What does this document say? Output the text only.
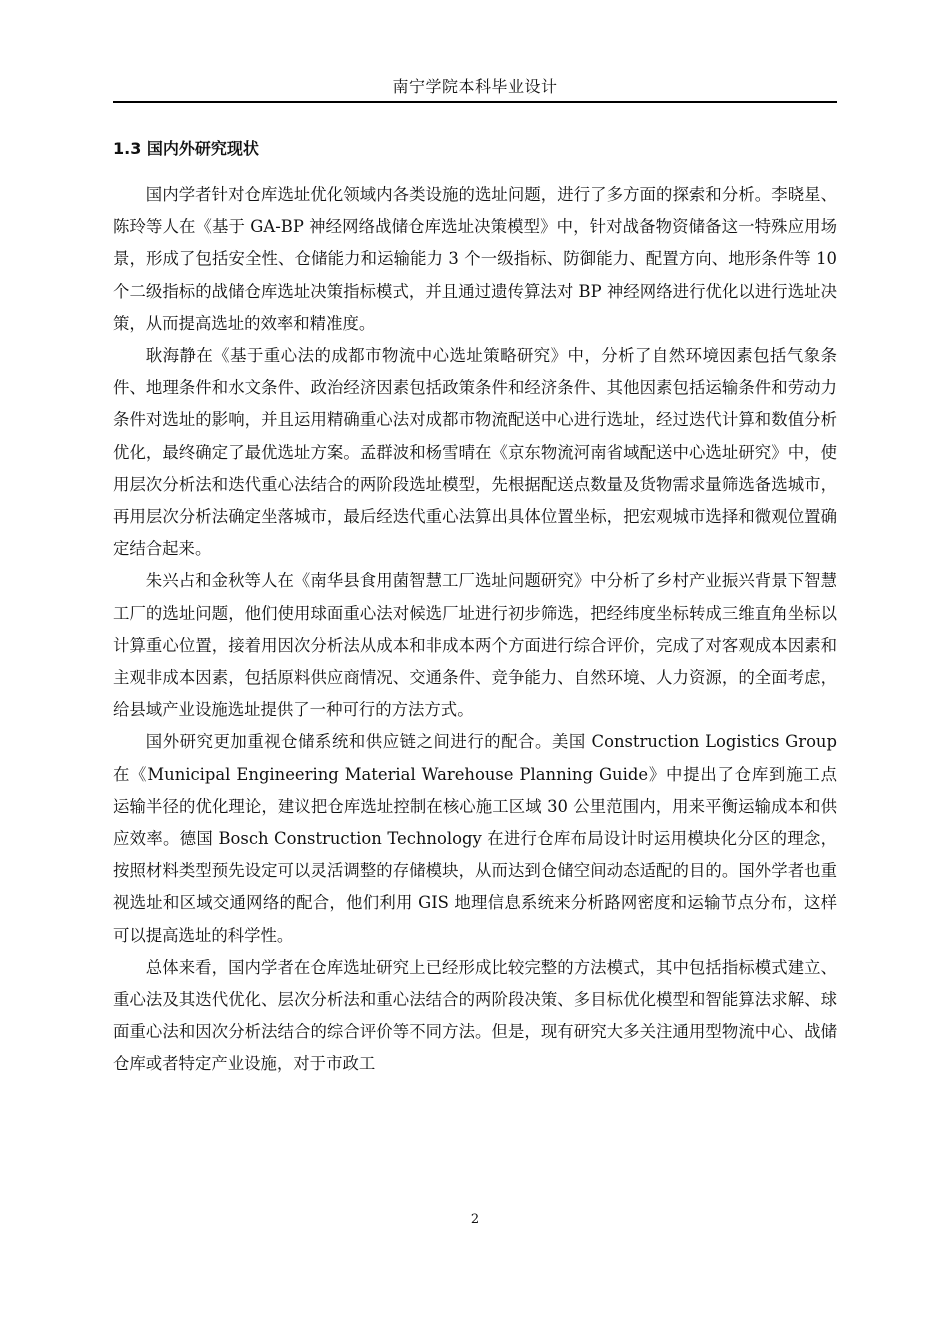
南宁学院本科毕业设计
1.3 国内外研究现状

国内学者针对仓库选址优化领域内各类设施的选址问题，进行了多方面的探索和分析。李晓星、陈玲等人在《基于 GA-BP 神经网络战储仓库选址决策模型》中，针对战备物资储备这一特殊应用场景，形成了包括安全性、仓储能力和运输能力 3 个一级指标、防御能力、配置方向、地形条件等 10 个二级指标的战储仓库选址决策指标模式，并且通过遗传算法对 BP 神经网络进行优化以进行选址决策，从而提高选址的效率和精准度。

耿海静在《基于重心法的成都市物流中心选址策略研究》中，分析了自然环境因素包括气象条件、地理条件和水文条件、政治经济因素包括政策条件和经济条件、其他因素包括运输条件和劳动力条件对选址的影响，并且运用精确重心法对成都市物流配送中心进行选址，经过迭代计算和数值分析优化，最终确定了最优选址方案。孟群波和杨雪晴在《京东物流河南省域配送中心选址研究》中，使用层次分析法和迭代重心法结合的两阶段选址模型，先根据配送点数量及货物需求量筛选备选城市，再用层次分析法确定坐落城市，最后经迭代重心法算出具体位置坐标，把宏观城市选择和微观位置确定结合起来。

朱兴占和金秋等人在《南华县食用菌智慧工厂选址问题研究》中分析了乡村产业振兴背景下智慧工厂的选址问题，他们使用球面重心法对候选厂址进行初步筛选，把经纬度坐标转成三维直角坐标以计算重心位置，接着用因次分析法从成本和非成本两个方面进行综合评价，完成了对客观成本因素和主观非成本因素，包括原料供应商情况、交通条件、竞争能力、自然环境、人力资源，的全面考虑，给县域产业设施选址提供了一种可行的方法方式。

国外研究更加重视仓储系统和供应链之间进行的配合。美国 Construction Logistics Group 在《Municipal Engineering Material Warehouse Planning Guide》中提出了仓库到施工点运输半径的优化理论，建议把仓库选址控制在核心施工区域 30 公里范围内，用来平衡运输成本和供应效率。德国 Bosch Construction Technology 在进行仓库布局设计时运用模块化分区的理念，按照材料类型预先设定可以灵活调整的存储模块，从而达到仓储空间动态适配的目的。国外学者也重视选址和区域交通网络的配合，他们利用 GIS 地理信息系统来分析路网密度和运输节点分布，这样可以提高选址的科学性。

总体来看，国内学者在仓库选址研究上已经形成比较完整的方法模式，其中包括指标模式建立、重心法及其迭代优化、层次分析法和重心法结合的两阶段决策、多目标优化模型和智能算法求解、球面重心法和因次分析法结合的综合评价等不同方法。但是，现有研究大多关注通用型物流中心、战储仓库或者特定产业设施，对于市政工

2
